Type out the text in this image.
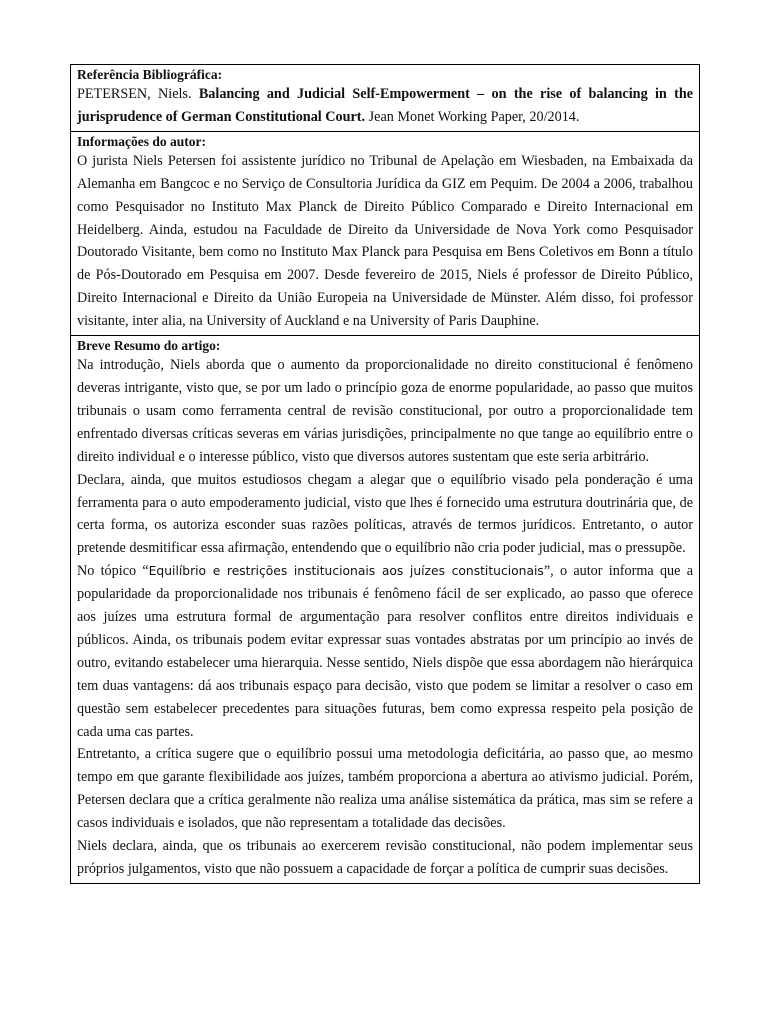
Referência Bibliográfica:

PETERSEN, Niels. Balancing and Judicial Self-Empowerment – on the rise of balancing in the jurisprudence of German Constitutional Court. Jean Monet Working Paper, 20/2014.

Informações do autor:

O jurista Niels Petersen foi assistente jurídico no Tribunal de Apelação em Wiesbaden, na Embaixada da Alemanha em Bangcoc e no Serviço de Consultoria Jurídica da GIZ em Pequim. De 2004 a 2006, trabalhou como Pesquisador no Instituto Max Planck de Direito Público Comparado e Direito Internacional em Heidelberg. Ainda, estudou na Faculdade de Direito da Universidade de Nova York como Pesquisador Doutorado Visitante, bem como no Instituto Max Planck para Pesquisa em Bens Coletivos em Bonn a título de Pós-Doutorado em Pesquisa em 2007. Desde fevereiro de 2015, Niels é professor de Direito Público, Direito Internacional e Direito da União Europeia na Universidade de Münster. Além disso, foi professor visitante, inter alia, na University of Auckland e na University of Paris Dauphine.

Breve Resumo do artigo:

Na introdução, Niels aborda que o aumento da proporcionalidade no direito constitucional é fenômeno deveras intrigante, visto que, se por um lado o princípio goza de enorme popularidade, ao passo que muitos tribunais o usam como ferramenta central de revisão constitucional, por outro a proporcionalidade tem enfrentado diversas críticas severas em várias jurisdições, principalmente no que tange ao equilíbrio entre o direito individual e o interesse público, visto que diversos autores sustentam que este seria arbitrário.

Declara, ainda, que muitos estudiosos chegam a alegar que o equilíbrio visado pela ponderação é uma ferramenta para o auto empoderamento judicial, visto que lhes é fornecido uma estrutura doutrinária que, de certa forma, os autoriza esconder suas razões políticas, através de termos jurídicos. Entretanto, o autor pretende desmitificar essa afirmação, entendendo que o equilíbrio não cria poder judicial, mas o pressupõe.

No tópico “Equilíbrio e restrições institucionais aos juízes constitucionais”, o autor informa que a popularidade da proporcionalidade nos tribunais é fenômeno fácil de ser explicado, ao passo que oferece aos juízes uma estrutura formal de argumentação para resolver conflitos entre direitos individuais e públicos. Ainda, os tribunais podem evitar expressar suas vontades abstratas por um princípio ao invés de outro, evitando estabelecer uma hierarquia. Nesse sentido, Niels dispõe que essa abordagem não hierárquica tem duas vantagens: dá aos tribunais espaço para decisão, visto que podem se limitar a resolver o caso em questão sem estabelecer precedentes para situações futuras, bem como expressa respeito pela posição de cada uma cas partes.

Entretanto, a crítica sugere que o equilíbrio possui uma metodologia deficitária, ao passo que, ao mesmo tempo em que garante flexibilidade aos juízes, também proporciona a abertura ao ativismo judicial. Porém, Petersen declara que a crítica geralmente não realiza uma análise sistemática da prática, mas sim se refere a casos individuais e isolados, que não representam a totalidade das decisões.

Niels declara, ainda, que os tribunais ao exercerem revisão constitucional, não podem implementar seus próprios julgamentos, visto que não possuem a capacidade de forçar a política de cumprir suas decisões.
